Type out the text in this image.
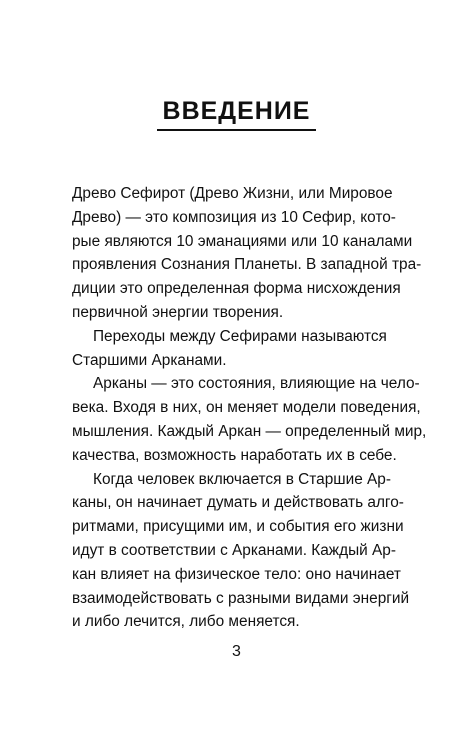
ВВЕДЕНИЕ
Древо Сефирот (Древо Жизни, или Мировое
Древо) — это композиция из 10 Сефир, кото-
рые являются 10 эманациями или 10 каналами
проявления Сознания Планеты. В западной тра-
диции это определенная форма нисхождения
первичной энергии творения.
Переходы между Сефирами называются
Старшими Арканами.
Арканы — это состояния, влияющие на чело-
века. Входя в них, он меняет модели поведения,
мышления. Каждый Аркан — определенный мир,
качества, возможность наработать их в себе.
Когда человек включается в Старшие Ар-
каны, он начинает думать и действовать алго-
ритмами, присущими им, и события его жизни
идут в соответствии с Арканами. Каждый Ар-
кан влияет на физическое тело: оно начинает
взаимодействовать с разными видами энергий
и либо лечится, либо меняется.
3
